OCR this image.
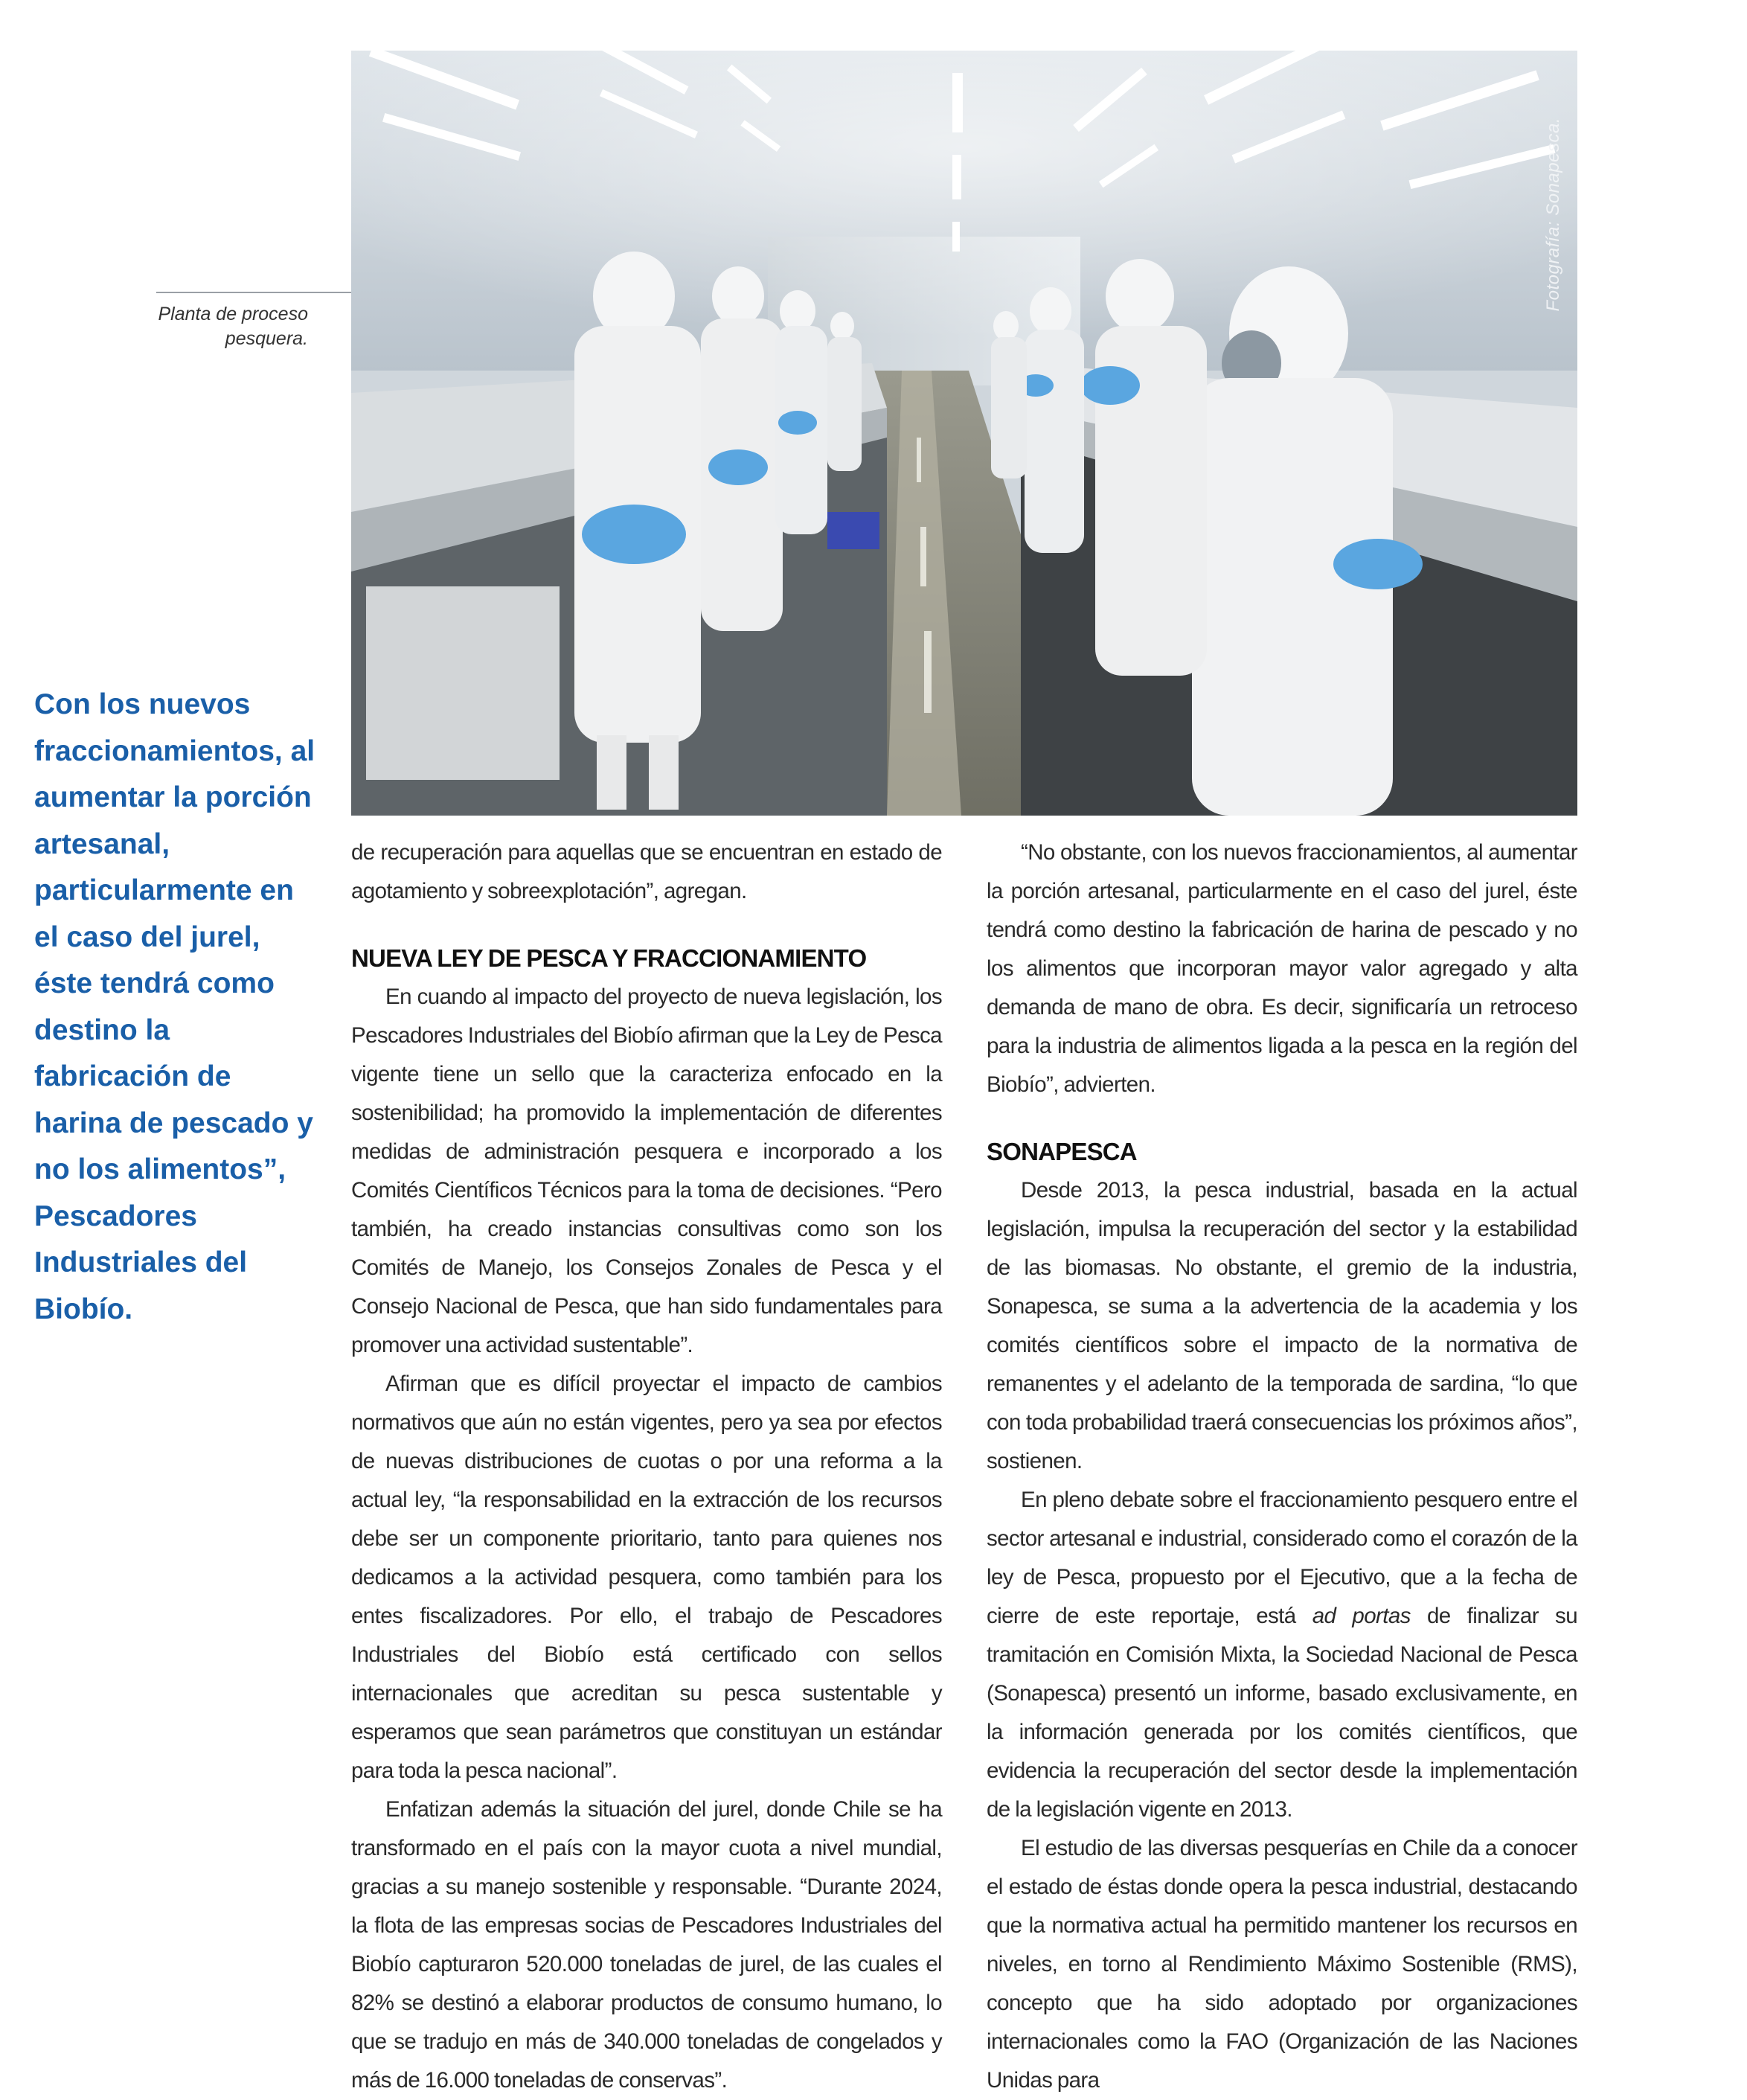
Fotografía: Sonapesca.
Planta de proceso pesquera.
Con los nuevos fraccionamientos, al aumentar la porción artesanal, particularmente en el caso del jurel, éste tendrá como destino la fabricación de harina de pescado y no los alimentos”, Pescadores Industriales del Biobío.

de recuperación para aquellas que se encuentran en estado de agotamiento y sobreexplotación”, agregan.

NUEVA LEY DE PESCA Y FRACCIONAMIENTO

En cuando al impacto del proyecto de nueva legislación, los Pescadores Industriales del Biobío afirman que la Ley de Pesca vigente tiene un sello que la caracteriza enfocado en la sostenibilidad; ha promovido la implementación de diferentes medidas de administración pesquera e incorporado a los Comités Científicos Técnicos para la toma de decisiones. “Pero también, ha creado instancias consultivas como son los Comités de Manejo, los Consejos Zonales de Pesca y el Consejo Nacional de Pesca, que han sido fundamentales para promover una actividad sustentable”.

Afirman que es difícil proyectar el impacto de cambios normativos que aún no están vigentes, pero ya sea por efectos de nuevas distribuciones de cuotas o por una reforma a la actual ley, “la responsabilidad en la extracción de los recursos debe ser un componente prioritario, tanto para quienes nos dedicamos a la actividad pesquera, como también para los entes fiscalizadores. Por ello, el trabajo de Pescadores Industriales del Biobío está certificado con sellos internacionales que acreditan su pesca sustentable y esperamos que sean parámetros que constituyan un estándar para toda la pesca nacional”.

Enfatizan además la situación del jurel, donde Chile se ha transformado en el país con la mayor cuota a nivel mundial, gracias a su manejo sostenible y responsable. “Durante 2024, la flota de las empresas socias de Pescadores Industriales del Biobío capturaron 520.000 toneladas de jurel, de las cuales el 82% se destinó a elaborar productos de consumo humano, lo que se tradujo en más de 340.000 toneladas de congelados y más de 16.000 toneladas de conservas”.

“No obstante, con los nuevos fraccionamientos, al aumentar la porción artesanal, particularmente en el caso del jurel, éste tendrá como destino la fabricación de harina de pescado y no los alimentos que incorporan mayor valor agregado y alta demanda de mano de obra. Es decir, significaría un retroceso para la industria de alimentos ligada a la pesca en la región del Biobío”, advierten.

SONAPESCA

Desde 2013, la pesca industrial, basada en la actual legislación, impulsa la recuperación del sector y la estabilidad de las biomasas. No obstante, el gremio de la industria, Sonapesca, se suma a la advertencia de la academia y los comités científicos sobre el impacto de la normativa de remanentes y el adelanto de la temporada de sardina, “lo que con toda probabilidad traerá consecuencias los próximos años”, sostienen.

En pleno debate sobre el fraccionamiento pesquero entre el sector artesanal e industrial, considerado como el corazón de la ley de Pesca, propuesto por el Ejecutivo, que a la fecha de cierre de este reportaje, está ad portas de finalizar su tramitación en Comisión Mixta, la Sociedad Nacional de Pesca (Sonapesca) presentó un informe, basado exclusivamente, en la información generada por los comités científicos, que evidencia la recuperación del sector desde la implementación de la legislación vigente en 2013.

El estudio de las diversas pesquerías en Chile da a conocer el estado de éstas donde opera la pesca industrial, destacando que la normativa actual ha permitido mantener los recursos en niveles, en torno al Rendimiento Máximo Sostenible (RMS), concepto que ha sido adoptado por organizaciones internacionales como la FAO (Organización de las Naciones Unidas para
